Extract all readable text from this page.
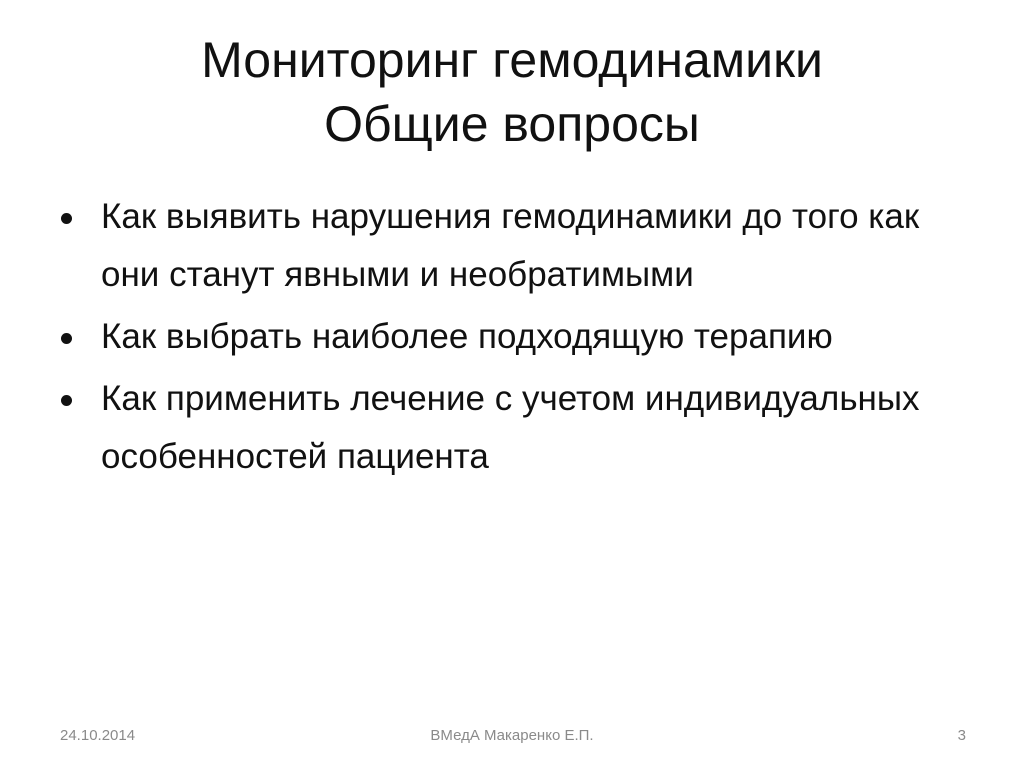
Мониторинг гемодинамики
Общие вопросы
Как выявить нарушения гемодинамики до того как они станут явными и необратимыми
Как выбрать наиболее подходящую терапию
Как применить лечение с учетом индивидуальных особенностей пациента
24.10.2014	ВМедА Макаренко Е.П.	3
